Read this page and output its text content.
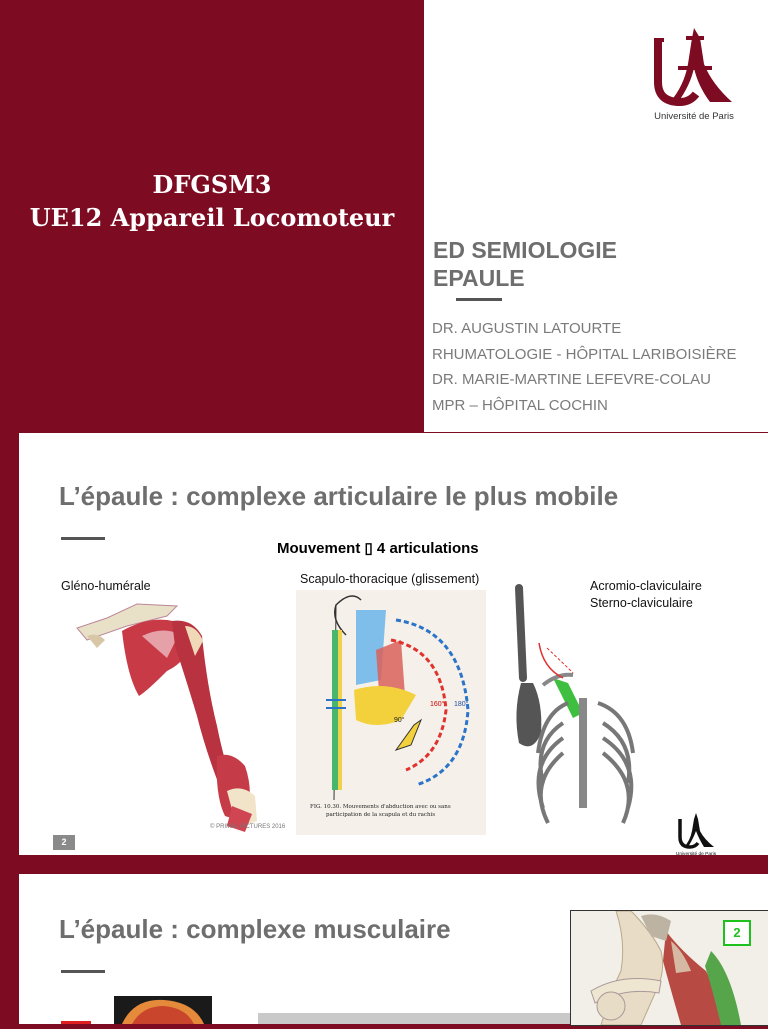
DFGSM3
UE12 Appareil Locomoteur
Université de Paris
ED SEMIOLOGIE
EPAULE
DR. AUGUSTIN LATOURTE
RHUMATOLOGIE - HÔPITAL LARIBOISIÈRE
DR. MARIE-MARTINE LEFEVRE-COLAU
MPR – HÔPITAL COCHIN
L’épaule : complexe articulaire le plus mobile
Mouvement ▯ 4 articulations
Gléno-humérale	Scapulo-thoracique (glissement)	Acromio-claviculaire
Sterno-claviculaire
160° 180°
90°
FIG. 10.30. Mouvements d'abduction avec ou sans
participation de la scapula et du rachis
© PRIMAL PICTURES 2016
Université de Paris
2
L’épaule : complexe musculaire	2
